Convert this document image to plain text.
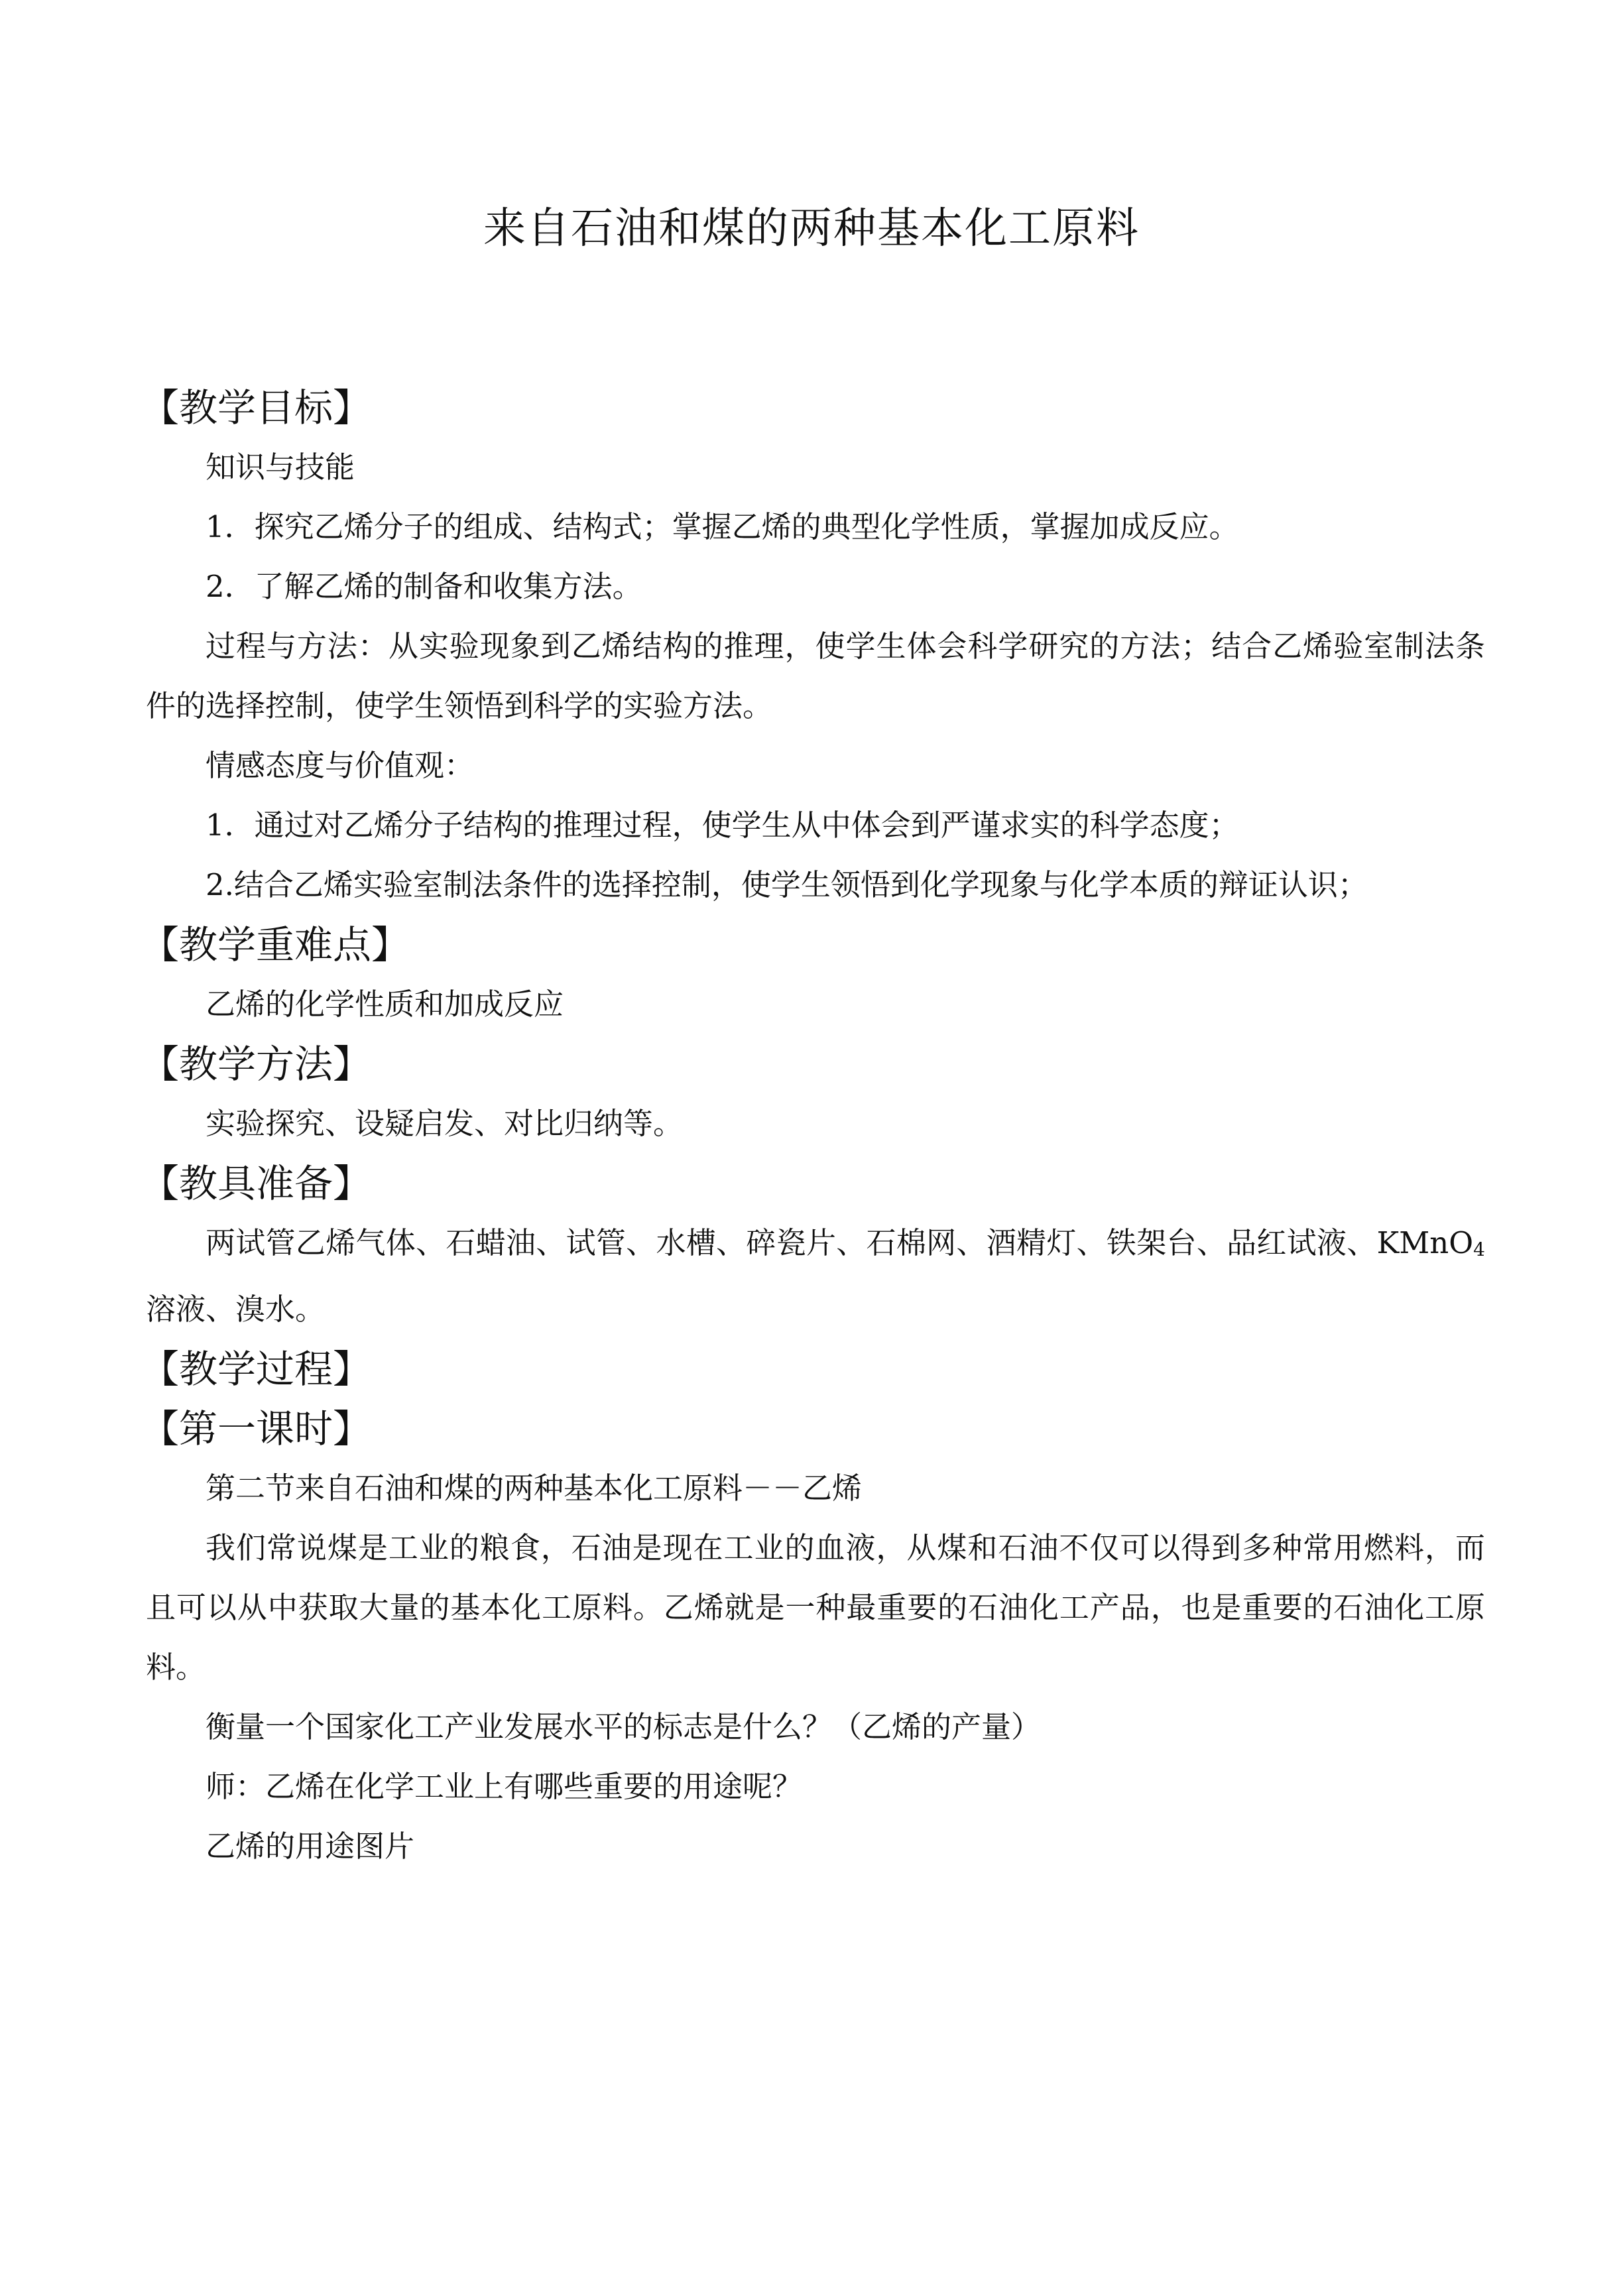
来自石油和煤的两种基本化工原料
【教学目标】
知识与技能
1．探究乙烯分子的组成、结构式；掌握乙烯的典型化学性质，掌握加成反应。
2．了解乙烯的制备和收集方法。
过程与方法：从实验现象到乙烯结构的推理，使学生体会科学研究的方法；结合乙烯验室制法条件的选择控制，使学生领悟到科学的实验方法。
情感态度与价值观：
1．通过对乙烯分子结构的推理过程，使学生从中体会到严谨求实的科学态度；
2.结合乙烯实验室制法条件的选择控制，使学生领悟到化学现象与化学本质的辩证认识；
【教学重难点】
乙烯的化学性质和加成反应
【教学方法】
实验探究、设疑启发、对比归纳等。
【教具准备】
两试管乙烯气体、石蜡油、试管、水槽、碎瓷片、石棉网、酒精灯、铁架台、品红试液、KMnO4溶液、溴水。
【教学过程】
【第一课时】
第二节来自石油和煤的两种基本化工原料－－乙烯
我们常说煤是工业的粮食，石油是现在工业的血液，从煤和石油不仅可以得到多种常用燃料，而且可以从中获取大量的基本化工原料。乙烯就是一种最重要的石油化工产品，也是重要的石油化工原料。
衡量一个国家化工产业发展水平的标志是什么？（乙烯的产量）
师：乙烯在化学工业上有哪些重要的用途呢？
乙烯的用途图片
